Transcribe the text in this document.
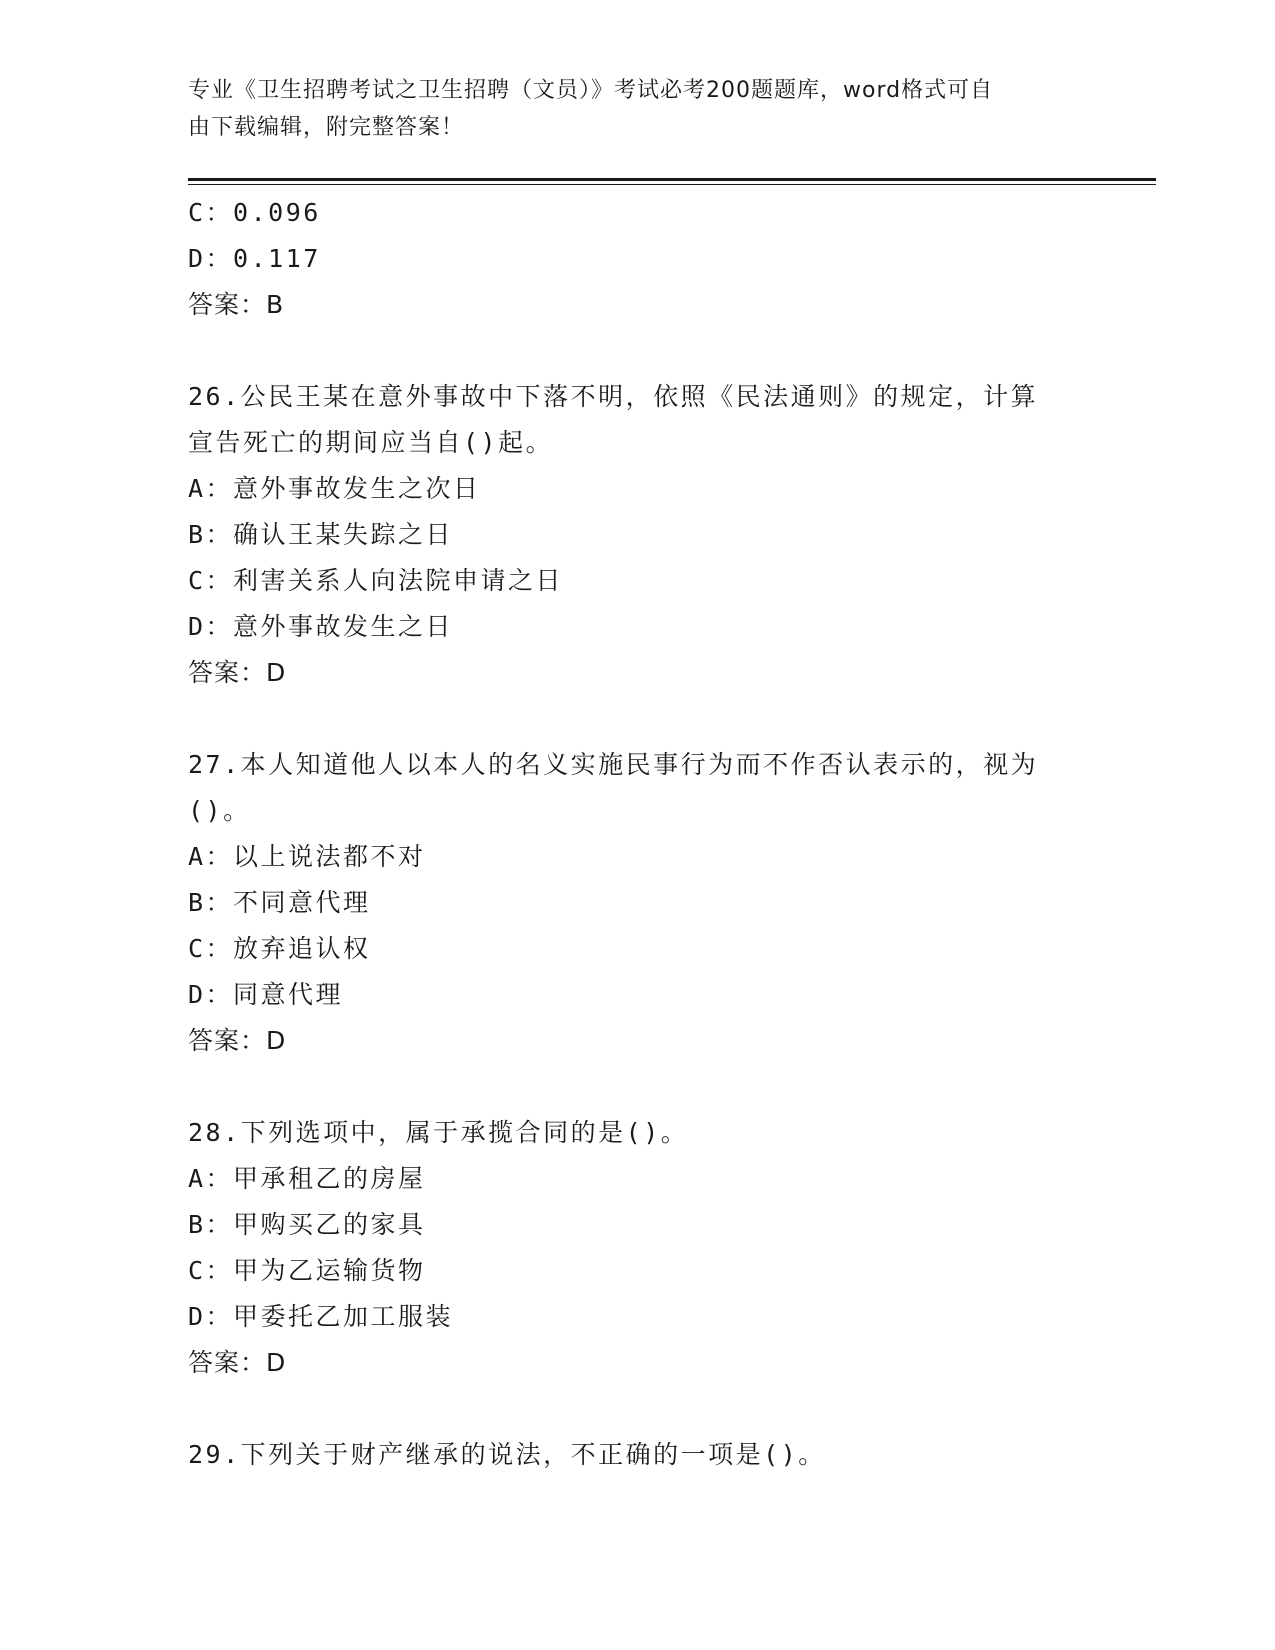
专业《卫生招聘考试之卫生招聘（文员）》考试必考200题题库，word格式可自
由下载编辑，附完整答案！
C：0.096
D：0.117
答案：B
26.公民王某在意外事故中下落不明，依照《民法通则》的规定，计算
宣告死亡的期间应当自()起。
A：意外事故发生之次日
B：确认王某失踪之日
C：利害关系人向法院申请之日
D：意外事故发生之日
答案：D
27.本人知道他人以本人的名义实施民事行为而不作否认表示的，视为
()。
A：以上说法都不对
B：不同意代理
C：放弃追认权
D：同意代理
答案：D
28.下列选项中，属于承揽合同的是()。
A：甲承租乙的房屋
B：甲购买乙的家具
C：甲为乙运输货物
D：甲委托乙加工服装
答案：D
29.下列关于财产继承的说法，不正确的一项是()。
